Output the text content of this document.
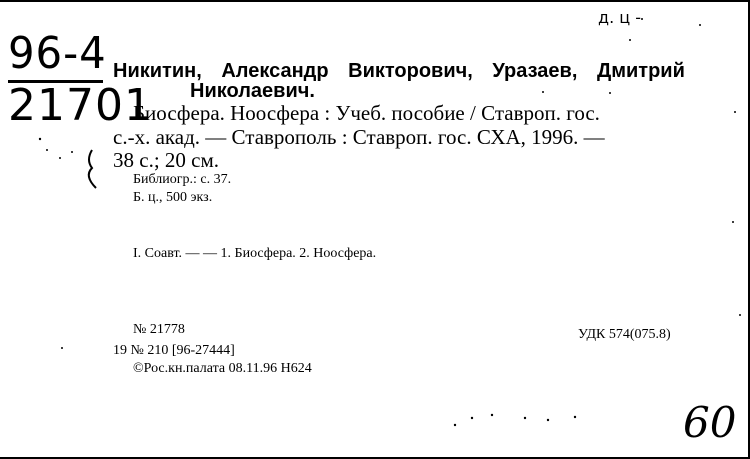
96-4
21701
Никитин, Александр Викторович, Уразаев, Дмитрий
Николаевич.
Биосфера. Ноосфера : Учеб. пособие / Ставроп. гос.
с.-х. акад. — Ставрополь : Ставроп. гос. СХА, 1996. —
38 с.; 20 см.
Библиогр.: с. 37.
Б. ц., 500 экз.
I. Соавт. — — 1. Биосфера. 2. Ноосфера.
№ 21778
19 № 210 [96-27444]
©Рос.кн.палата 08.11.96 Н624
УДК 574(075.8)
д. ц -
60
